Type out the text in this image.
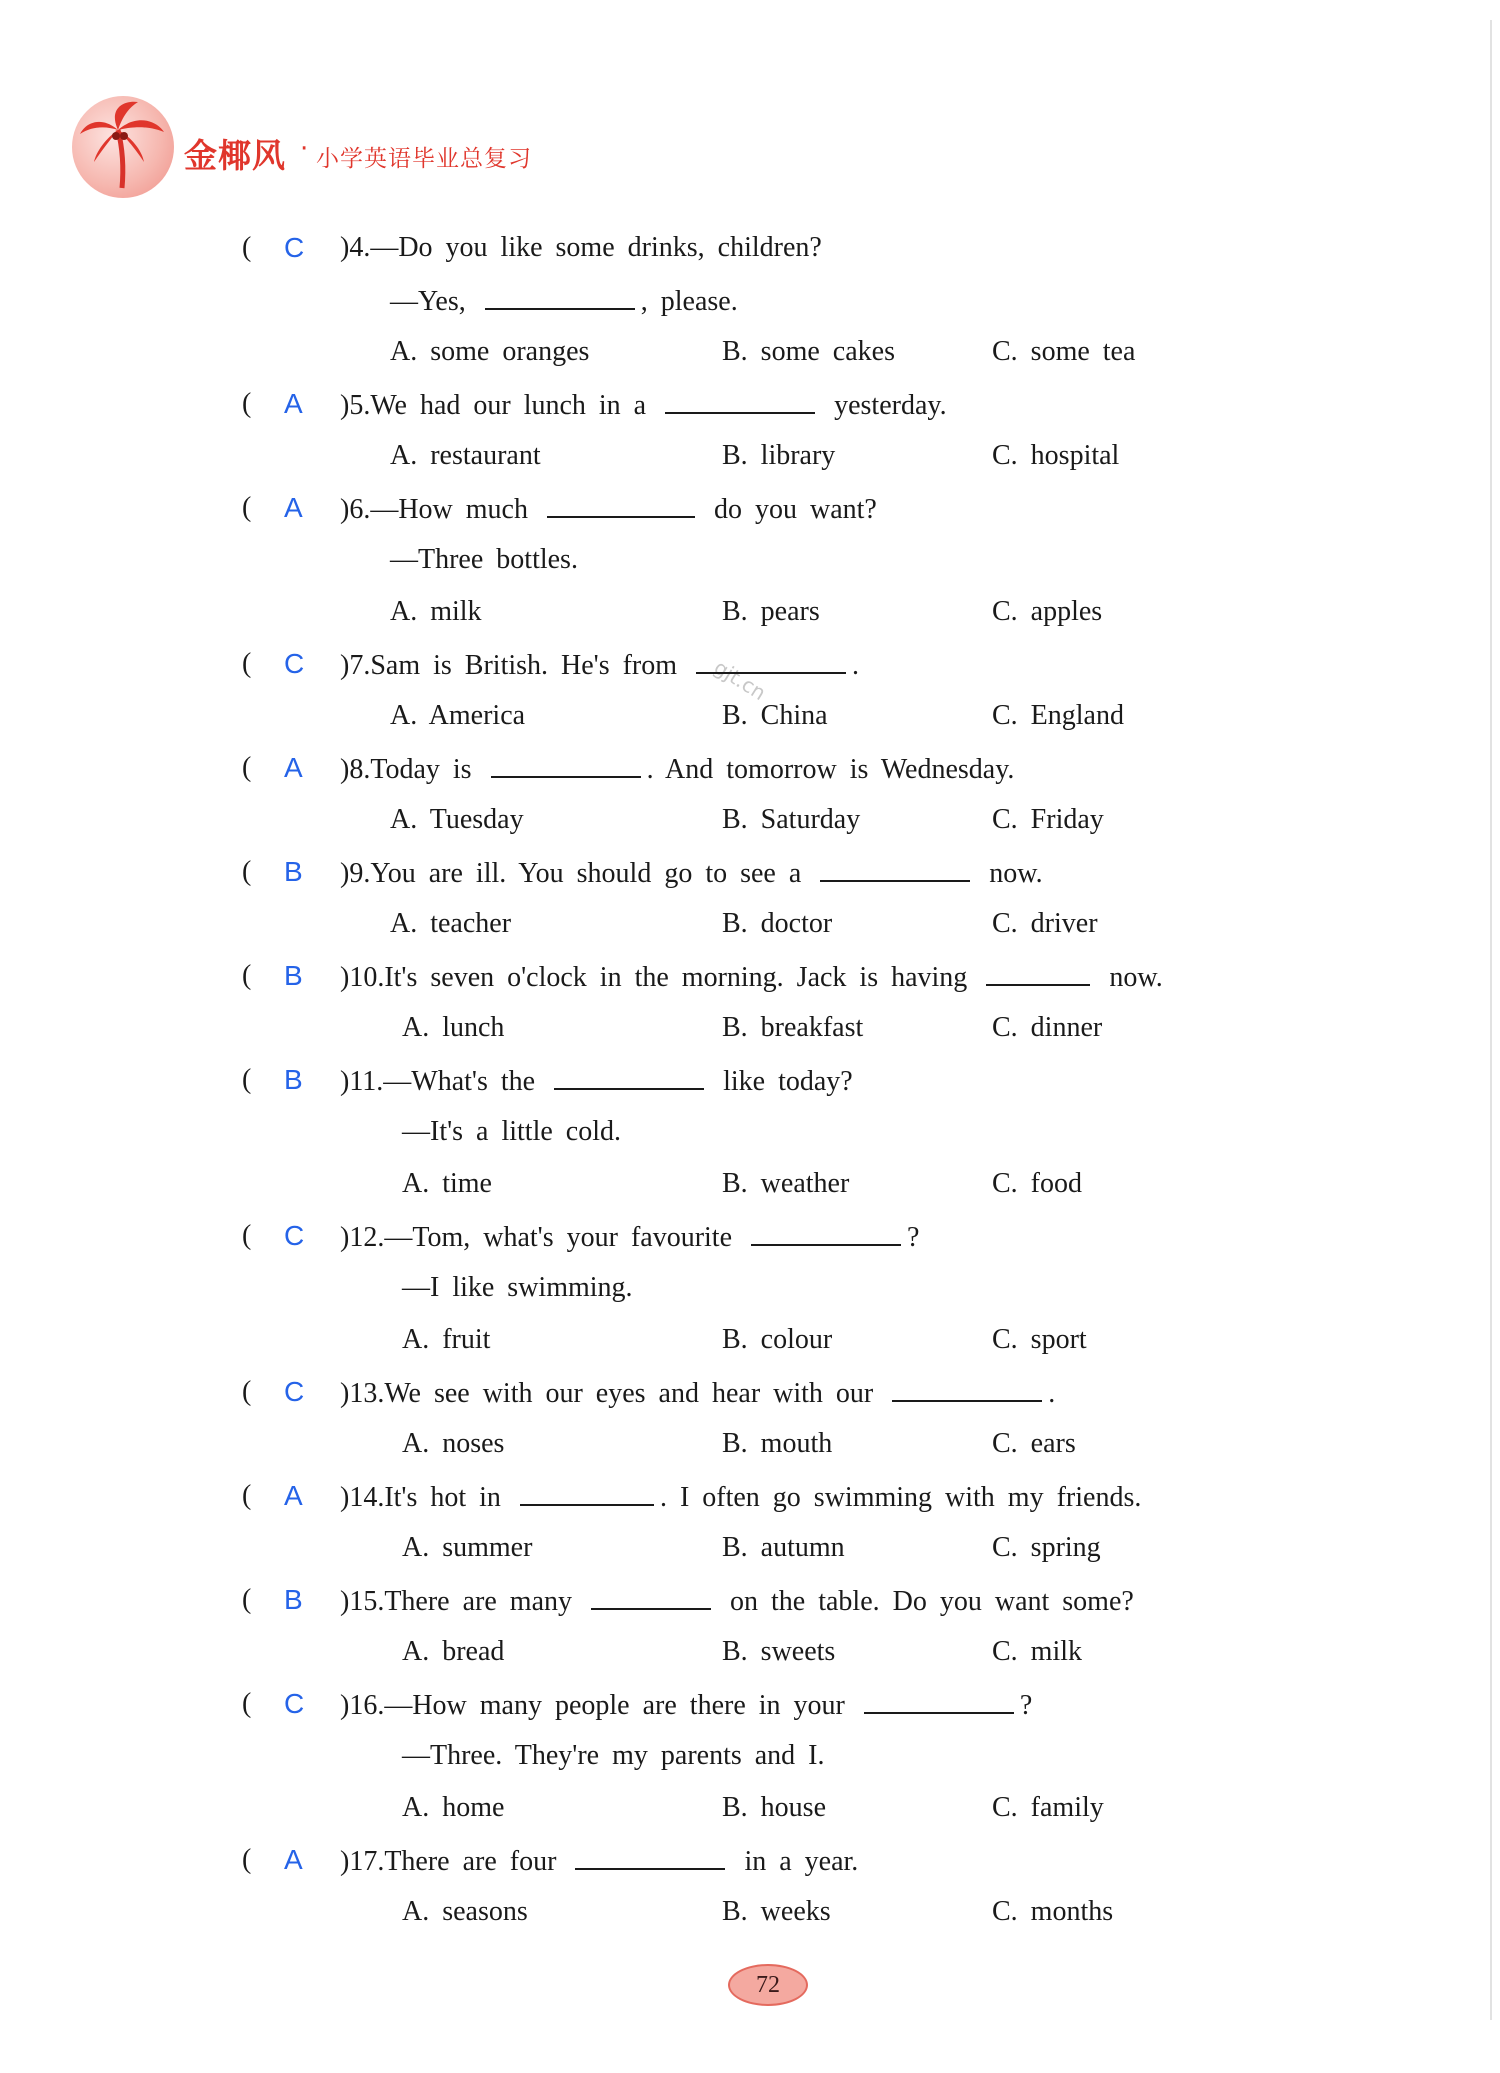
金椰风 · 小学英语毕业总复习
gjt.cn
( C )4.—Do you like some drinks, children?
—Yes,	, please.
A. some oranges	B. some cakes	C. some tea
( A )5.We had our lunch in a	yesterday.
A. restaurant	B. library	C. hospital
( A )6.—How much	do you want?
—Three bottles.
A. milk	B. pears	C. apples
( C )7.Sam is British. He's from	.
A. America	B. China	C. England
( A )8.Today is	. And tomorrow is Wednesday.
A. Tuesday	B. Saturday	C. Friday
( B )9.You are ill. You should go to see a	now.
A. teacher	B. doctor	C. driver
( B )10.It's seven o'clock in the morning. Jack is having	now.
A. lunch	B. breakfast	C. dinner
( B )11.—What's the	like today?
—It's a little cold.
A. time	B. weather	C. food
( C )12.—Tom, what's your favourite	?
—I like swimming.
A. fruit	B. colour	C. sport
( C )13.We see with our eyes and hear with our	.
A. noses	B. mouth	C. ears
( A )14.It's hot in	. I often go swimming with my friends.
A. summer	B. autumn	C. spring
( B )15.There are many	on the table. Do you want some?
A. bread	B. sweets	C. milk
( C )16.—How many people are there in your	?
—Three. They're my parents and I.
A. home	B. house	C. family
( A )17.There are four	in a year.
A. seasons	B. weeks	C. months
72
